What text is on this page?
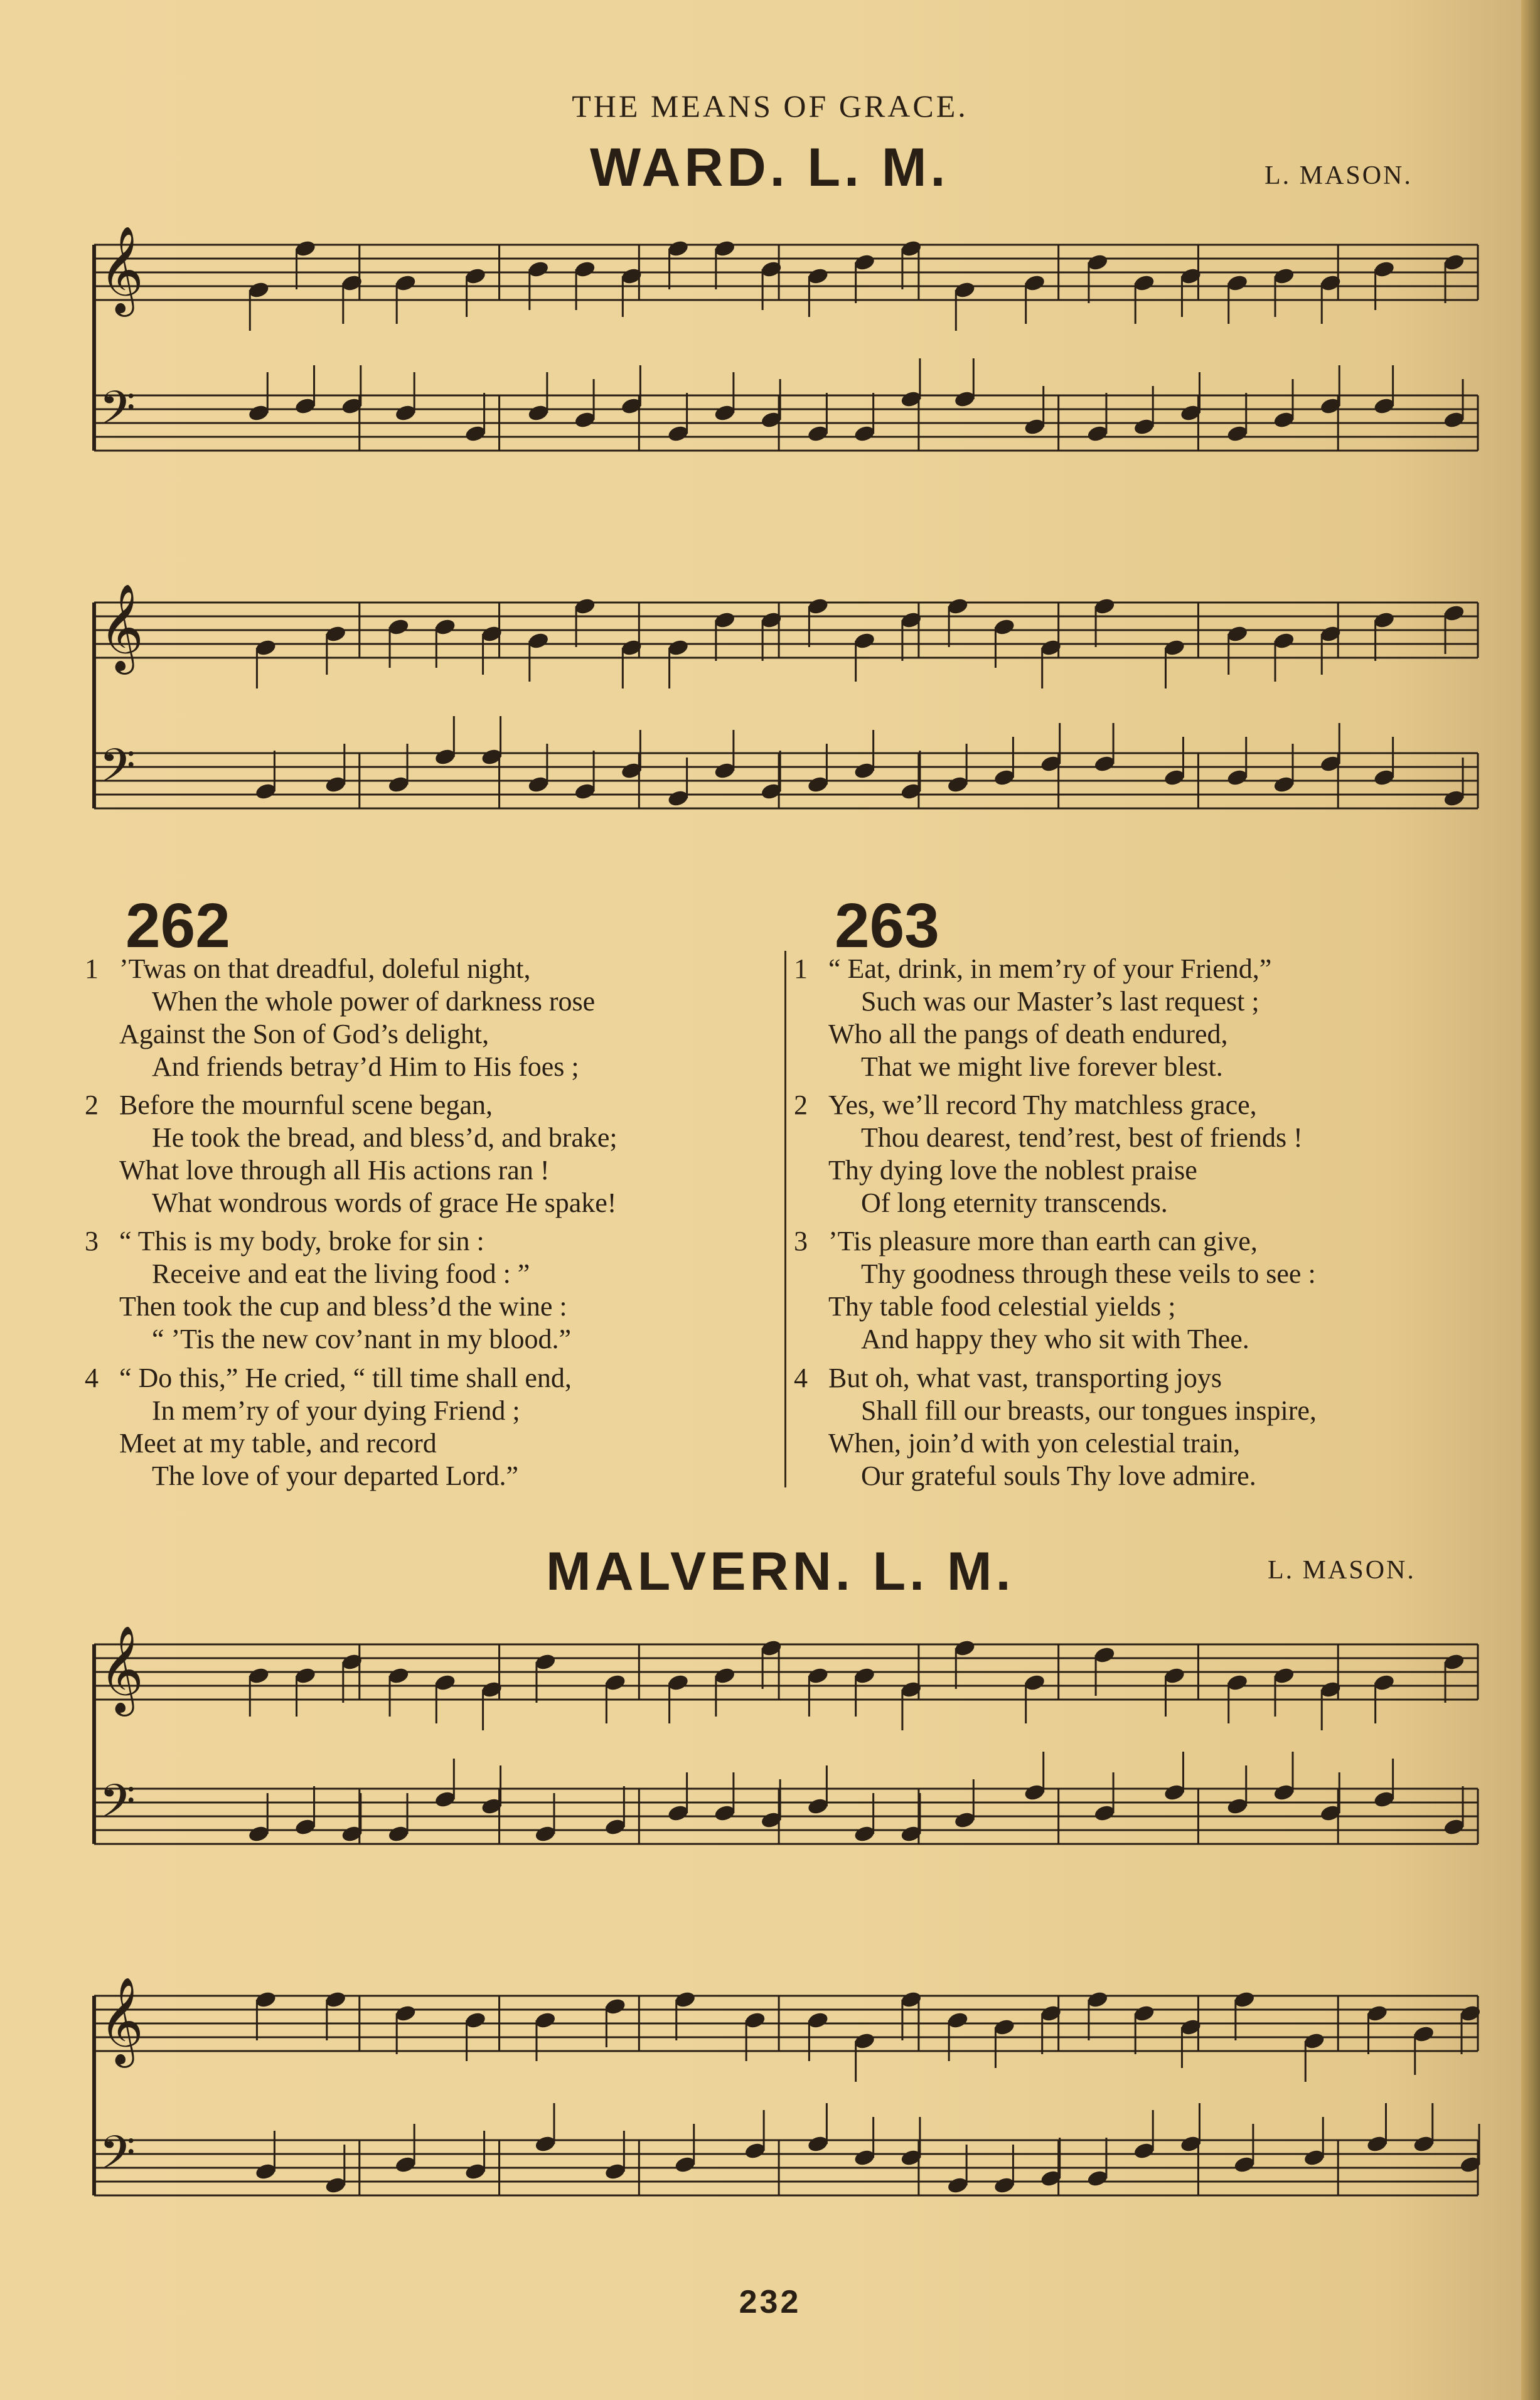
THE MEANS OF GRACE.
WARD. L. M.	L. MASON.
𝄞
𝄢
𝄞
𝄢
262	263
1 ’Twas on that dreadful, doleful night,
When the whole power of darkness rose
Against the Son of God’s delight,
And friends betray’d Him to His foes ;
2 Before the mournful scene began,
He took the bread, and bless’d, and brake;
What love through all His actions ran !
What wondrous words of grace He spake!
3 “ This is my body, broke for sin :
Receive and eat the living food : ”
Then took the cup and bless’d the wine :
“ ’Tis the new cov’nant in my blood.”
4 “ Do this,” He cried, “ till time shall end,
In mem’ry of your dying Friend ;
Meet at my table, and record
The love of your departed Lord.”
1 “ Eat, drink, in mem’ry of your Friend,”
Such was our Master’s last request ;
Who all the pangs of death endured,
That we might live forever blest.
2 Yes, we’ll record Thy matchless grace,
Thou dearest, tend’rest, best of friends !
Thy dying love the noblest praise
Of long eternity transcends.
3 ’Tis pleasure more than earth can give,
Thy goodness through these veils to see :
Thy table food celestial yields ;
And happy they who sit with Thee.
4 But oh, what vast, transporting joys
Shall fill our breasts, our tongues inspire,
When, join’d with yon celestial train,
Our grateful souls Thy love admire.
MALVERN. L. M.	L. MASON.
𝄞
𝄢
𝄞
𝄢
232
